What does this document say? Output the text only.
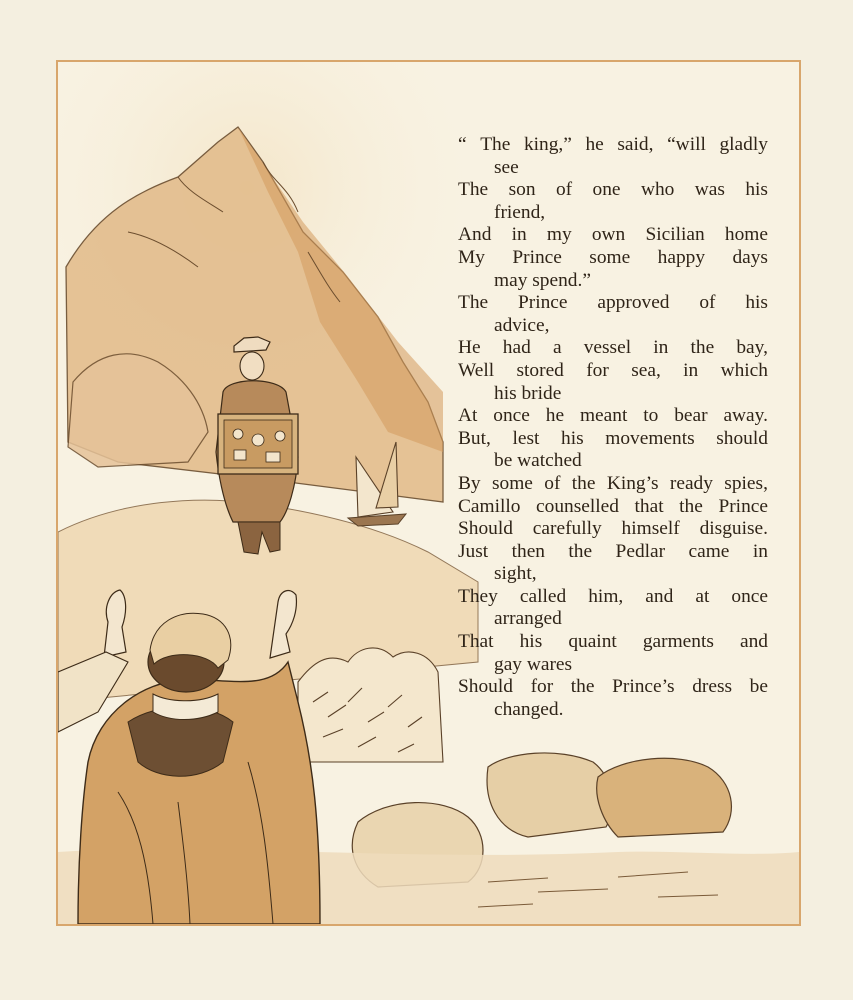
“ The king,” he said, “will gladly
see
The son of one who was his
friend,
And in my own Sicilian home
My Prince some happy days
may spend.”
The Prince approved of his
advice,
He had a vessel in the bay,
Well stored for sea, in which
his bride
At once he meant to bear away.
But, lest his movements should
be watched
By some of the King’s ready spies,
Camillo counselled that the Prince
Should carefully himself disguise.
Just then the Pedlar came in
sight,
They called him, and at once
arranged
That his quaint garments and
gay wares
Should for the Prince’s dress be
changed.
